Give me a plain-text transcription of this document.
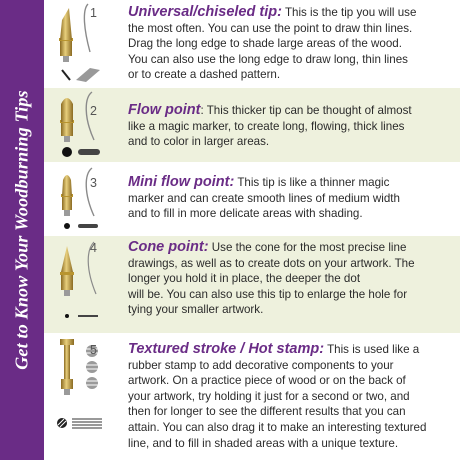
Get to Know Your Woodburning Tips
1 Universal/chiseled tip: This is the tip you will use
the most often. You can use the point to draw thin lines.
Drag the long edge to shade large areas of the wood.
You can also use the long edge to draw long, thin lines
or to create a dashed pattern.
2 Flow point: This thicker tip can be thought of almost
like a magic marker, to create long, flowing, thick lines
and to color in larger areas.
3 Mini flow point: This tip is like a thinner magic
marker and can create smooth lines of medium width
and to fill in more delicate areas with shading.
4 Cone point: Use the cone for the most precise line
drawings, as well as to create dots on your artwork. The
longer you hold it in place, the deeper the dot
will be. You can also use this tip to enlarge the hole for
tying your smaller artwork.
5 Textured stroke / Hot stamp: This is used like a
rubber stamp to add decorative components to your
artwork. On a practice piece of wood or on the back of
your artwork, try holding it just for a second or two, and
then for longer to see the different results that you can
attain. You can also drag it to make an interesting textured
line, and to fill in shaded areas with a unique texture.
